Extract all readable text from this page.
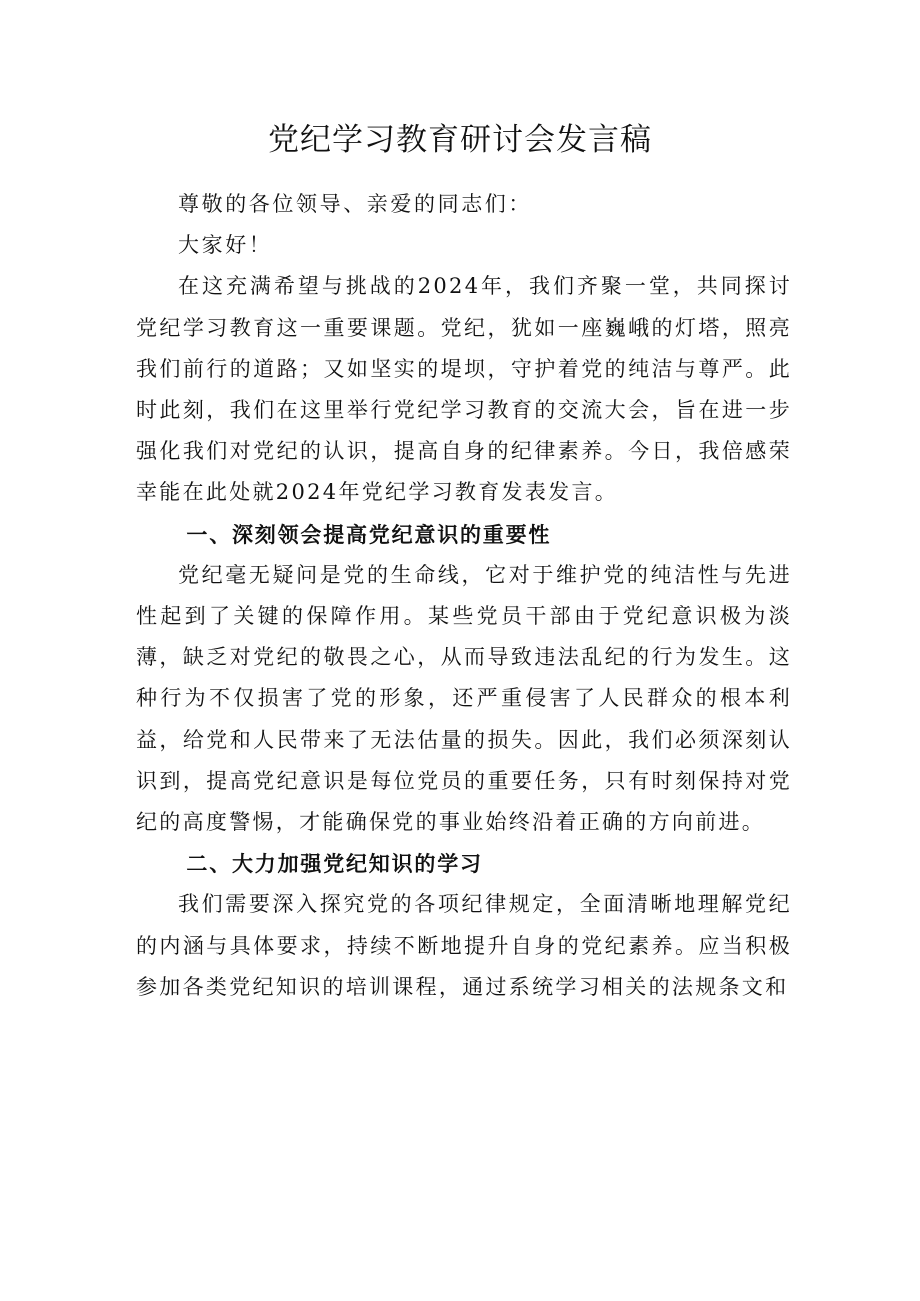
党纪学习教育研讨会发言稿

尊敬的各位领导、亲爱的同志们：

大家好！

在这充满希望与挑战的2024年，我们齐聚一堂，共同探讨党纪学习教育这一重要课题。党纪，犹如一座巍峨的灯塔，照亮我们前行的道路；又如坚实的堤坝，守护着党的纯洁与尊严。此时此刻，我们在这里举行党纪学习教育的交流大会，旨在进一步强化我们对党纪的认识，提高自身的纪律素养。今日，我倍感荣幸能在此处就2024年党纪学习教育发表发言。

一、深刻领会提高党纪意识的重要性

党纪毫无疑问是党的生命线，它对于维护党的纯洁性与先进性起到了关键的保障作用。某些党员干部由于党纪意识极为淡薄，缺乏对党纪的敬畏之心，从而导致违法乱纪的行为发生。这种行为不仅损害了党的形象，还严重侵害了人民群众的根本利益，给党和人民带来了无法估量的损失。因此，我们必须深刻认识到，提高党纪意识是每位党员的重要任务，只有时刻保持对党纪的高度警惕，才能确保党的事业始终沿着正确的方向前进。

二、大力加强党纪知识的学习

我们需要深入探究党的各项纪律规定，全面清晰地理解党纪的内涵与具体要求，持续不断地提升自身的党纪素养。应当积极参加各类党纪知识的培训课程，通过系统学习相关的法规条文和
